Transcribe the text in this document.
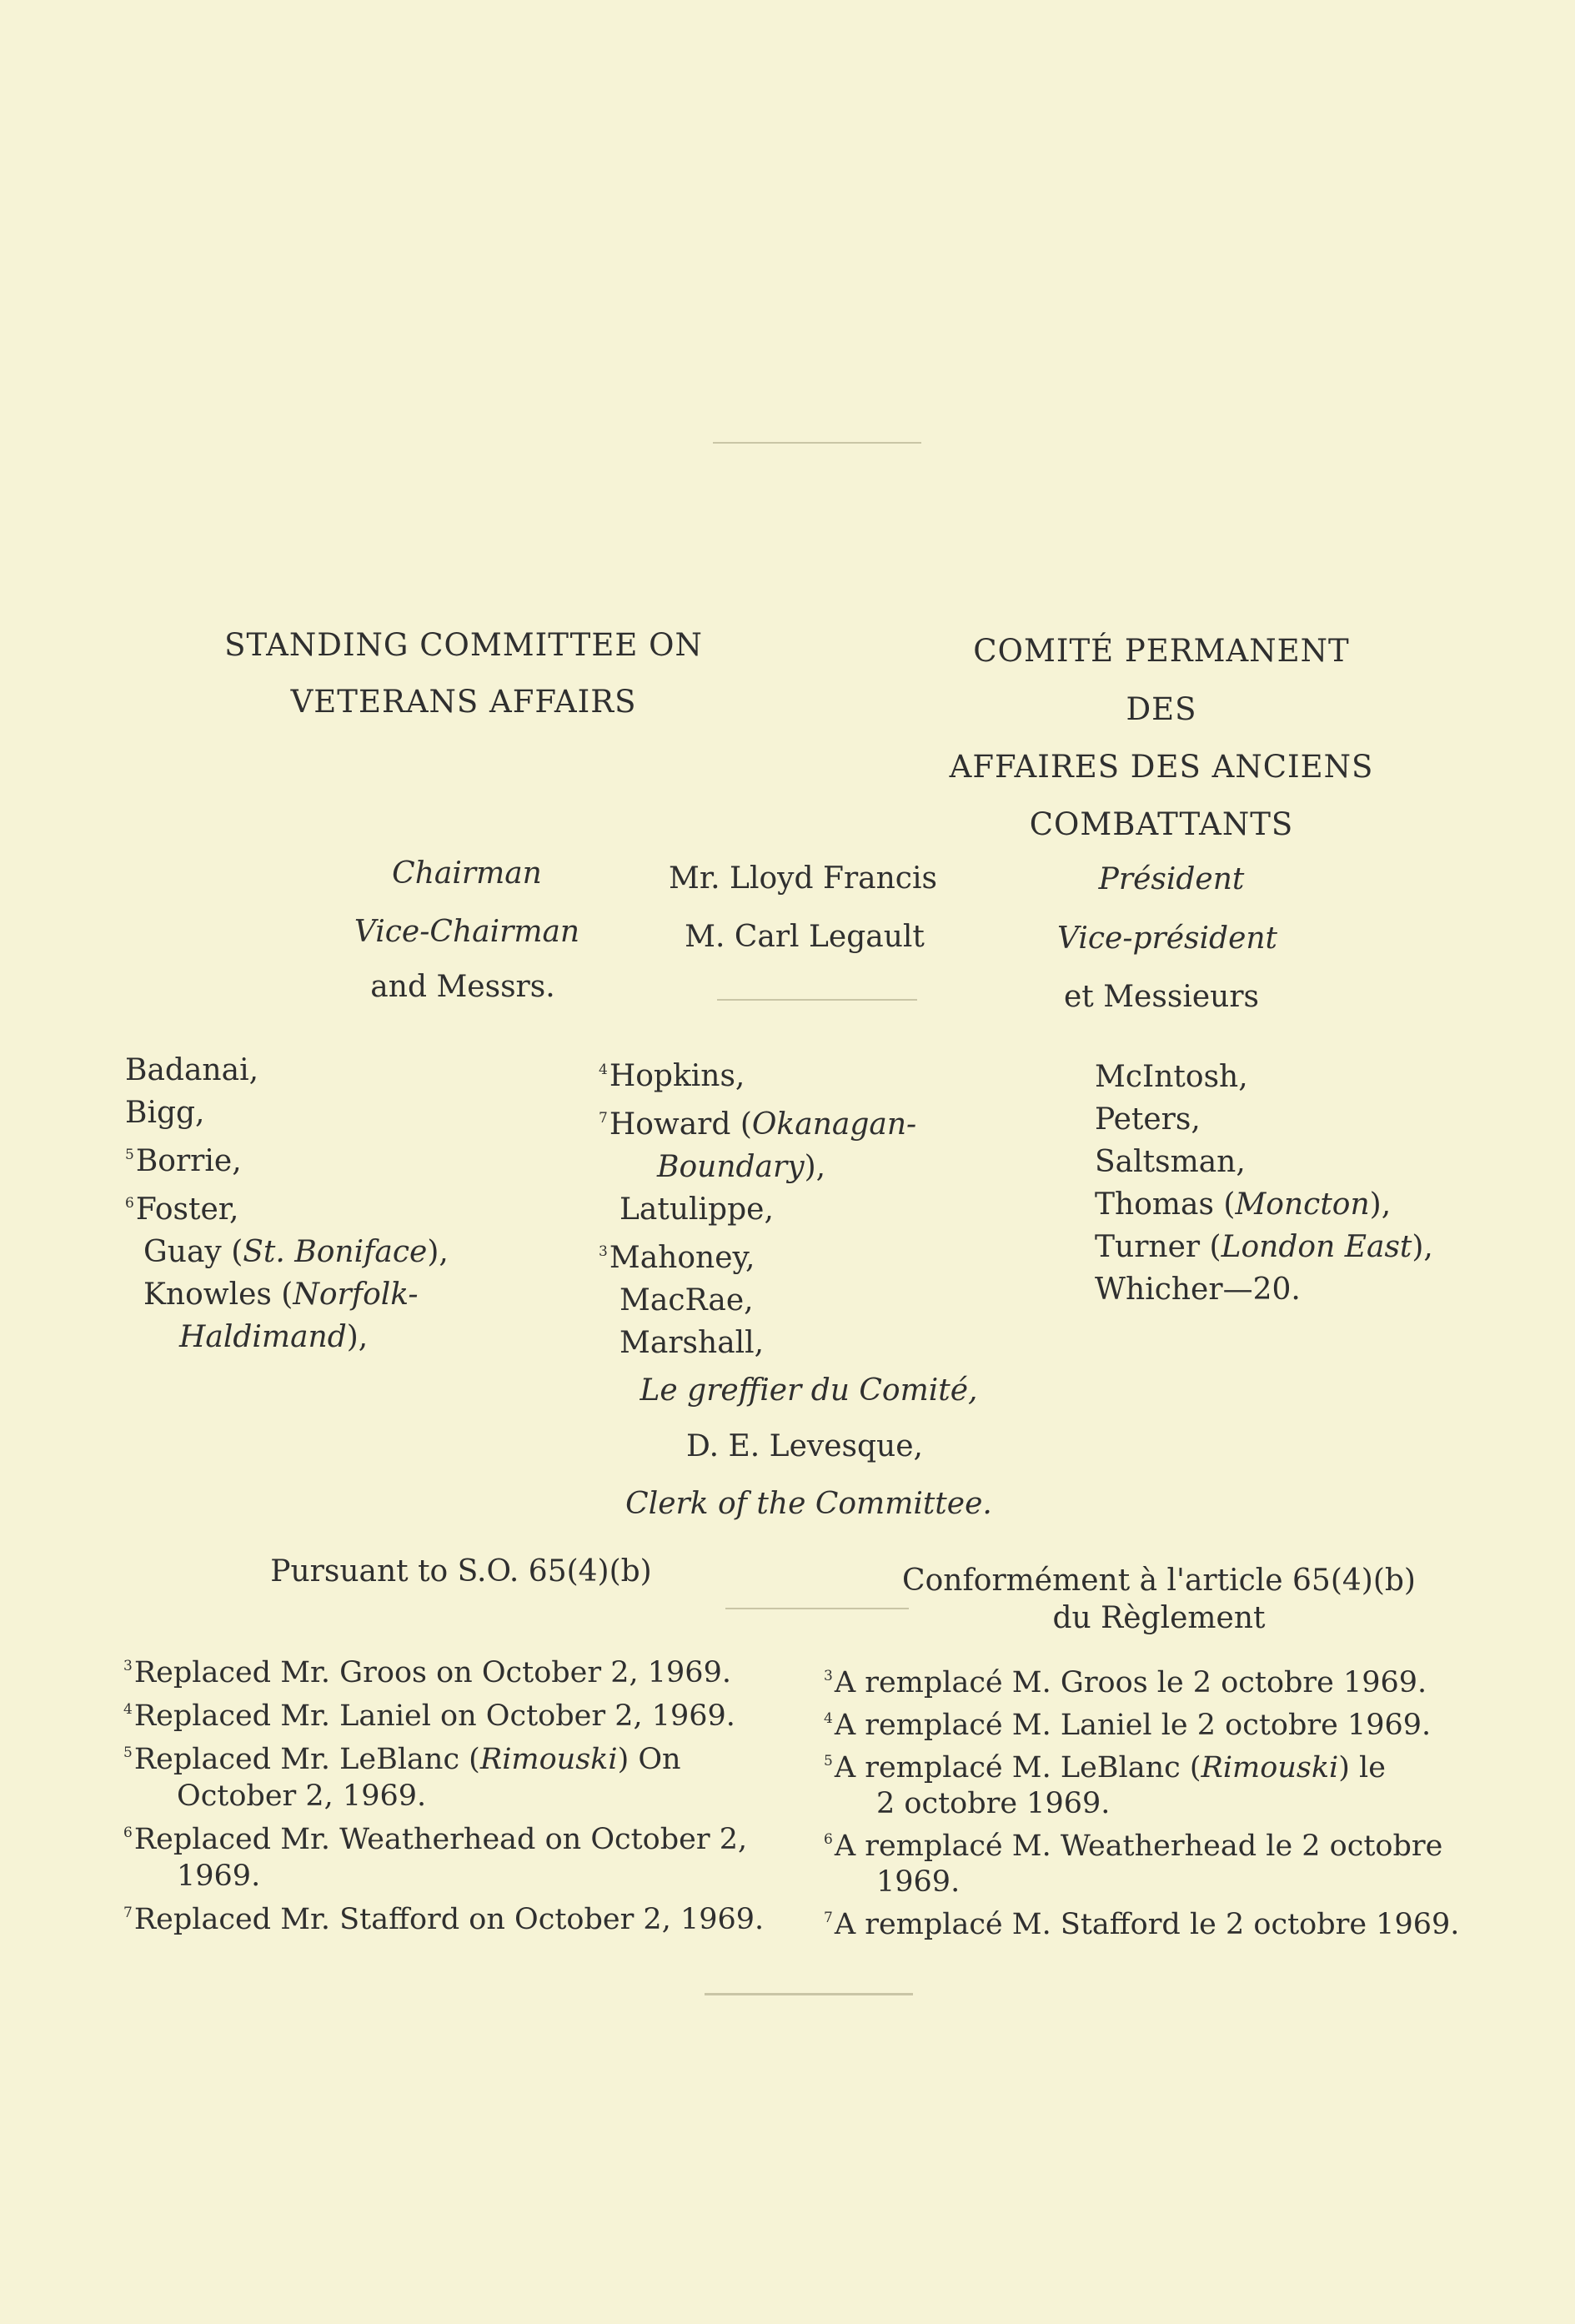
STANDING COMMITTEE ON
VETERANS AFFAIRS
COMITÉ PERMANENT
DES
AFFAIRES DES ANCIENS
COMBATTANTS
Chairman	Mr. Lloyd Francis	Président
Vice-Chairman	M. Carl Legault	Vice-président
and Messrs.	et Messieurs
Badanai,
Bigg,
$^5$Borrie,
$^6$Foster,
Guay (St. Boniface),
Knowles (Norfolk-
Haldimand),
$^4$Hopkins,
$^7$Howard (Okanagan-
Boundary),
Latulippe,
$^3$Mahoney,
MacRae,
Marshall,
McIntosh,
Peters,
Saltsman,
Thomas (Moncton),
Turner (London East),
Whicher—20.
Le greffier du Comité,
D. E. Levesque,
Clerk of the Committee.
Pursuant to S.O. 65(4)(b)	Conformément à l'article 65(4)(b)
du Règlement
$^3$Replaced Mr. Groos on October 2, 1969.
$^4$Replaced Mr. Laniel on October 2, 1969.
$^5$Replaced Mr. LeBlanc (Rimouski) On
October 2, 1969.
$^6$Replaced Mr. Weatherhead on October 2,
1969.
$^7$Replaced Mr. Stafford on October 2, 1969.
$^3$A remplacé M. Groos le 2 octobre 1969.
$^4$A remplacé M. Laniel le 2 octobre 1969.
$^5$A remplacé M. LeBlanc (Rimouski) le
2 octobre 1969.
$^6$A remplacé M. Weatherhead le 2 octobre
1969.
$^7$A remplacé M. Stafford le 2 octobre 1969.
